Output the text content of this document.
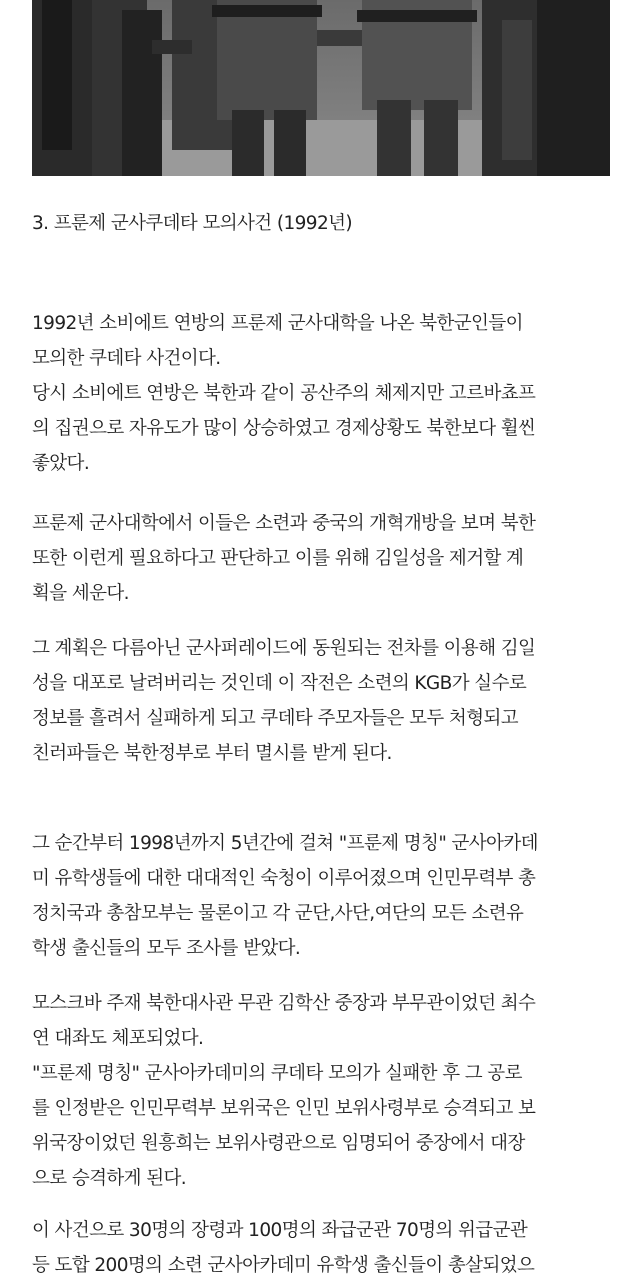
3. 프룬제 군사쿠데타 모의사건 (1992년)
1992년 소비에트 연방의 프룬제 군사대학을 나온 북한군인들이
모의한 쿠데타 사건이다.
당시 소비에트 연방은 북한과 같이 공산주의 체제지만 고르바쵸프
의 집권으로 자유도가 많이 상승하였고 경제상황도 북한보다 휠씬
좋았다.
프룬제 군사대학에서 이들은 소련과 중국의 개혁개방을 보며 북한
또한 이런게 필요하다고 판단하고 이를 위해 김일성을 제거할 계
획을 세운다.
그 계획은 다름아닌 군사퍼레이드에 동원되는 전차를 이용해 김일
성을 대포로 날려버리는 것인데 이 작전은 소련의 KGB가 실수로
정보를 흘려서 실패하게 되고 쿠데타 주모자들은 모두 처형되고
친러파들은 북한정부로 부터 멸시를 받게 된다.
그 순간부터 1998년까지 5년간에 걸쳐 "프룬제 명칭" 군사아카데
미 유학생들에 대한 대대적인 숙청이 이루어졌으며 인민무력부 총
정치국과 총참모부는 물론이고 각 군단,사단,여단의 모든 소련유
학생 출신들의 모두 조사를 받았다.
모스크바 주재 북한대사관 무관 김학산 중장과 부무관이었던 최수
연 대좌도 체포되었다.
"프룬제 명칭" 군사아카데미의 쿠데타 모의가 실패한 후 그 공로
를 인정받은 인민무력부 보위국은 인민 보위사령부로 승격되고 보
위국장이었던 원흥희는 보위사령관으로 임명되어 중장에서 대장
으로 승격하게 된다.
이 사건으로 30명의 장령과 100명의 좌급군관 70명의 위급군관
등 도합 200명의 소련 군사아카데미 유학생 출신들이 총살되었으
